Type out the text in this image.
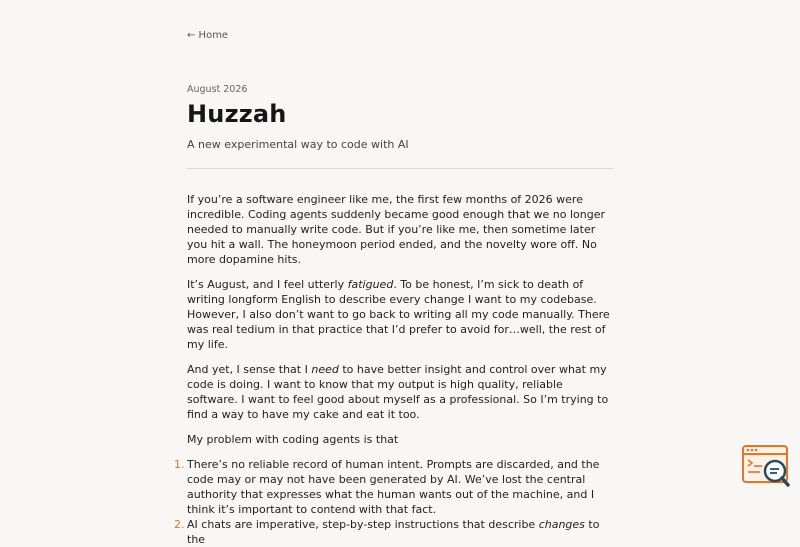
← Home
August 2026
Huzzah
A new experimental way to code with AI

If you’re a software engineer like me, the first few months of 2026 were incredible. Coding agents suddenly became good enough that we no longer needed to manually write code. But if you’re like me, then sometime later you hit a wall. The honeymoon period ended, and the novelty wore off. No more dopamine hits.

It’s August, and I feel utterly fatigued. To be honest, I’m sick to death of writing longform English to describe every change I want to my codebase. However, I also don’t want to go back to writing all my code manually. There was real tedium in that practice that I’d prefer to avoid for…well, the rest of my life.

And yet, I sense that I need to have better insight and control over what my code is doing. I want to know that my output is high quality, reliable software. I want to feel good about myself as a professional. So I’m trying to find a way to have my cake and eat it too.

My problem with coding agents is that

1. There’s no reliable record of human intent. Prompts are discarded, and the code may or may not have been generated by AI. We’ve lost the central authority that expresses what the human wants out of the machine, and I think it’s important to contend with that fact.
2. AI chats are imperative, step-by-step instructions that describe changes to the
